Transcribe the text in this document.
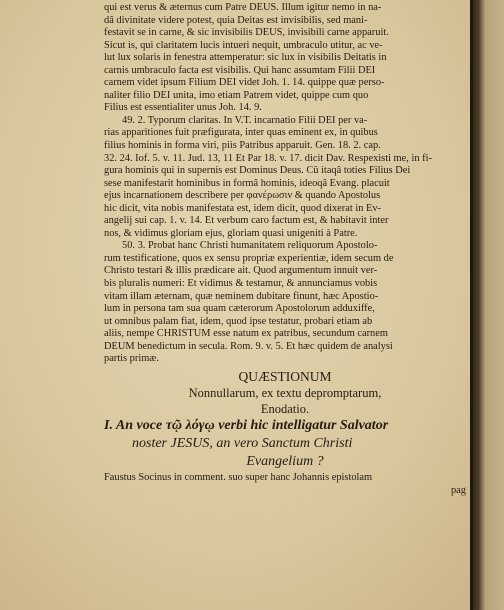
qui est verus & æternus cum Patre DEUS. Illum igitur nemo in na-
dâ divinitate videre potest, quia Deitas est invisibilis, sed mani-
festavit se in carne, & sic invisibilis DEUS, invisibili carne apparuit.
Sicut is, qui claritatem lucis intueri nequit, umbraculo utitur, ac ve-
lut lux solaris in fenestra attemperatur: sic lux in visibilis Deitatis in
carnis umbraculo facta est visibilis. Qui hanc assumtam Filii DEI
carnem videt ipsum Filium DEI videt Joh. 1. 14. quippe quæ perso-
naliter filio DEI unita, imo etiam Patrem videt, quippe cum quo
Filius est essentialiter unus Joh. 14. 9.
49. 2. Typorum claritas. In V.T. incarnatio Filii DEI per va-
rias apparitiones fuit præfigurata, inter quas eminent ex, in quibus
filius hominis in forma viri, piis Patribus apparuit. Gen. 18. 2. cap.
32. 24. Iof. 5. v. 11. Jud. 13, 11 Et Par 18. v. 17. dicit Dav. Respexisti me, in fi-
gura hominis qui in supernis est Dominus Deus. Cû itaqâ toties Filius Dei
sese manifestarit hominibus in formâ hominis, ideoqâ Evang. placuit
ejus incarnationem describere per φανέρωσιν & quando Apostolus
hic dicit, vita nobis manifestata est, idem dicit, quod dixerat in Ev-
angelij sui cap. 1. v. 14. Et verbum caro factum est, & habitavit inter
nos, & vidimus gloriam ejus, gloriam quasi unigeniti à Patre.
50. 3. Probat hanc Christi humanitatem reliquorum Apostolo-
rum testificatione, quos ex sensu propriæ experientiæ, idem secum de
Christo testari & illis prædicare ait. Quod argumentum innuit ver-
bis pluralis numeri: Et vidimus & testamur, & annunciamus vobis
vitam illam æternam, quæ neminem dubitare finunt, hæc Apostio-
lum in persona tam sua quam cæterorum Apostolorum adduxiffe,
ut omnibus palam fiat, idem, quod ipse testatur, probari etiam ab
aliis, nempe CHRISTUM esse natum ex patribus, secundum carnem
DEUM benedictum in secula. Rom. 9. v. 5. Et hæc quidem de analysi
partis primæ.
QUÆSTIONUM
Nonnullarum, ex textu depromptarum,
Enodatio.
I. An voce τῷ λόγῳ verbi hic intelligatur Salvator
noster JESUS, an vero Sanctum Christi
Evangelium ?
Faustus Socinus in comment. suo super hanc Johannis epistolam
pag
